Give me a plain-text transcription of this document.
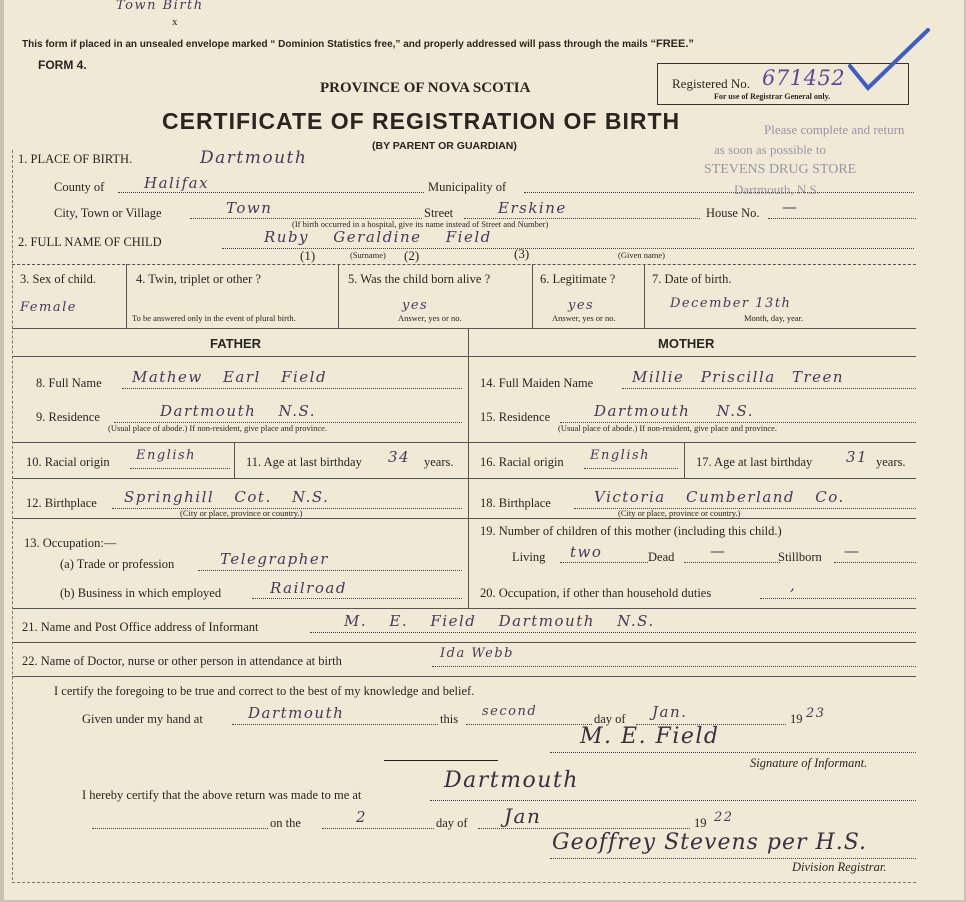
Town Birth
x
This form if placed in an unsealed envelope marked “ Dominion Statistics free,” and properly addressed will pass through the mails “FREE.”
FORM 4.
PROVINCE OF NOVA SCOTIA
CERTIFICATE OF REGISTRATION OF BIRTH
(BY PARENT OR GUARDIAN)
Registered No. 671452
For use of Registrar General only.
Please complete and return
as soon as possible to
STEVENS DRUG STORE
Dartmouth, N.S.
1. PLACE OF BIRTH.	Dartmouth
County of	Halifax	Municipality of
City, Town or Village	Town	Street	Erskine	House No. —
(If birth occurred in a hospital, give its name instead of Street and Number)
2. FULL NAME OF CHILD	Ruby Geraldine Field
(1)	(Surname) (2)	(3)	(Given name)
3. Sex of child.
Female
4. Twin, triplet or other ?
To be answered only in the event of plural birth.
5. Was the child born alive ?
yes
Answer, yes or no.
6. Legitimate ?
yes
Answer, yes or no.
7. Date of birth.
December 13th
Month, day, year.
FATHER	MOTHER
8. Full Name Mathew Earl Field
9. Residence	Dartmouth N.S.
(Usual place of abode.) If non-resident, give place and province.
10. Racial origin English	11. Age at last birthday 34 years.
12. Birthplace Springhill Cot. N.S.
(City or place, province or country.)
13. Occupation:—
(a) Trade or profession	Telegrapher
(b) Business in which employed	Railroad
14. Full Maiden Name	Millie Priscilla Treen
15. Residence	Dartmouth N.S.
(Usual place of abode.) If non-resident, give place and province.
16. Racial origin English	17. Age at last birthday 31 years.
18. Birthplace	Victoria Cumberland Co.
(City or place, province or country.)
19. Number of children of this mother (including this child.)
Living two	Dead —	Stillborn —
20. Occupation, if other than household duties	,
21. Name and Post Office address of Informant	M. E. Field Dartmouth N.S.
22. Name of Doctor, nurse or other person in attendance at birth	Ida Webb
I certify the foregoing to be true and correct to the best of my knowledge and belief.
Given under my hand at	Dartmouth	this second	day of Jan.	19 23
M. E. Field
Signature of Informant.
I hereby certify that the above return was made to me at
Dartmouth
on the	2	day of Jan	19 22
Geoffrey Stevens per H.S.
Division Registrar.
